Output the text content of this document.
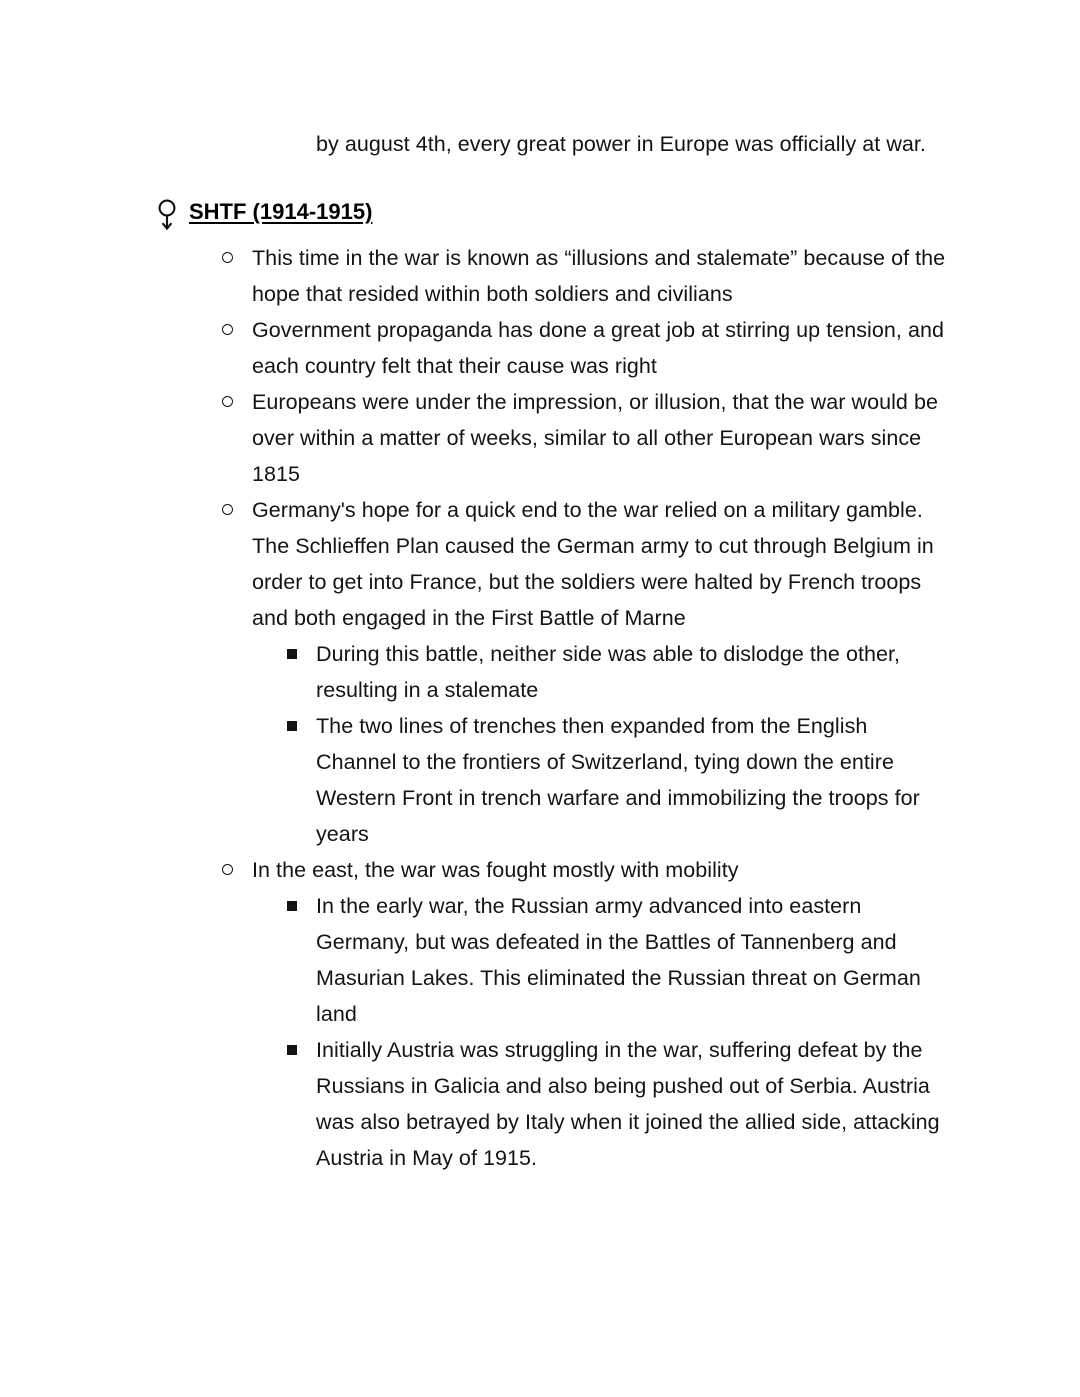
by august 4th, every great power in Europe was officially at war.
SHTF (1914-1915)
This time in the war is known as “illusions and stalemate” because of the hope that resided within both soldiers and civilians
Government propaganda has done a great job at stirring up tension, and each country felt that their cause was right
Europeans were under the impression, or illusion, that the war would be over within a matter of weeks, similar to all other European wars since 1815
Germany's hope for a quick end to the war relied on a military gamble. The Schlieffen Plan caused the German army to cut through Belgium in order to get into France, but the soldiers were halted by French troops and both engaged in the First Battle of Marne
During this battle, neither side was able to dislodge the other, resulting in a stalemate
The two lines of trenches then expanded from the English Channel to the frontiers of Switzerland, tying down the entire Western Front in trench warfare and immobilizing the troops for years
In the east, the war was fought mostly with mobility
In the early war, the Russian army advanced into eastern Germany, but was defeated in the Battles of Tannenberg and Masurian Lakes. This eliminated the Russian threat on German land
Initially Austria was struggling in the war, suffering defeat by the Russians in Galicia and also being pushed out of Serbia. Austria was also betrayed by Italy when it joined the allied side, attacking Austria in May of 1915.
